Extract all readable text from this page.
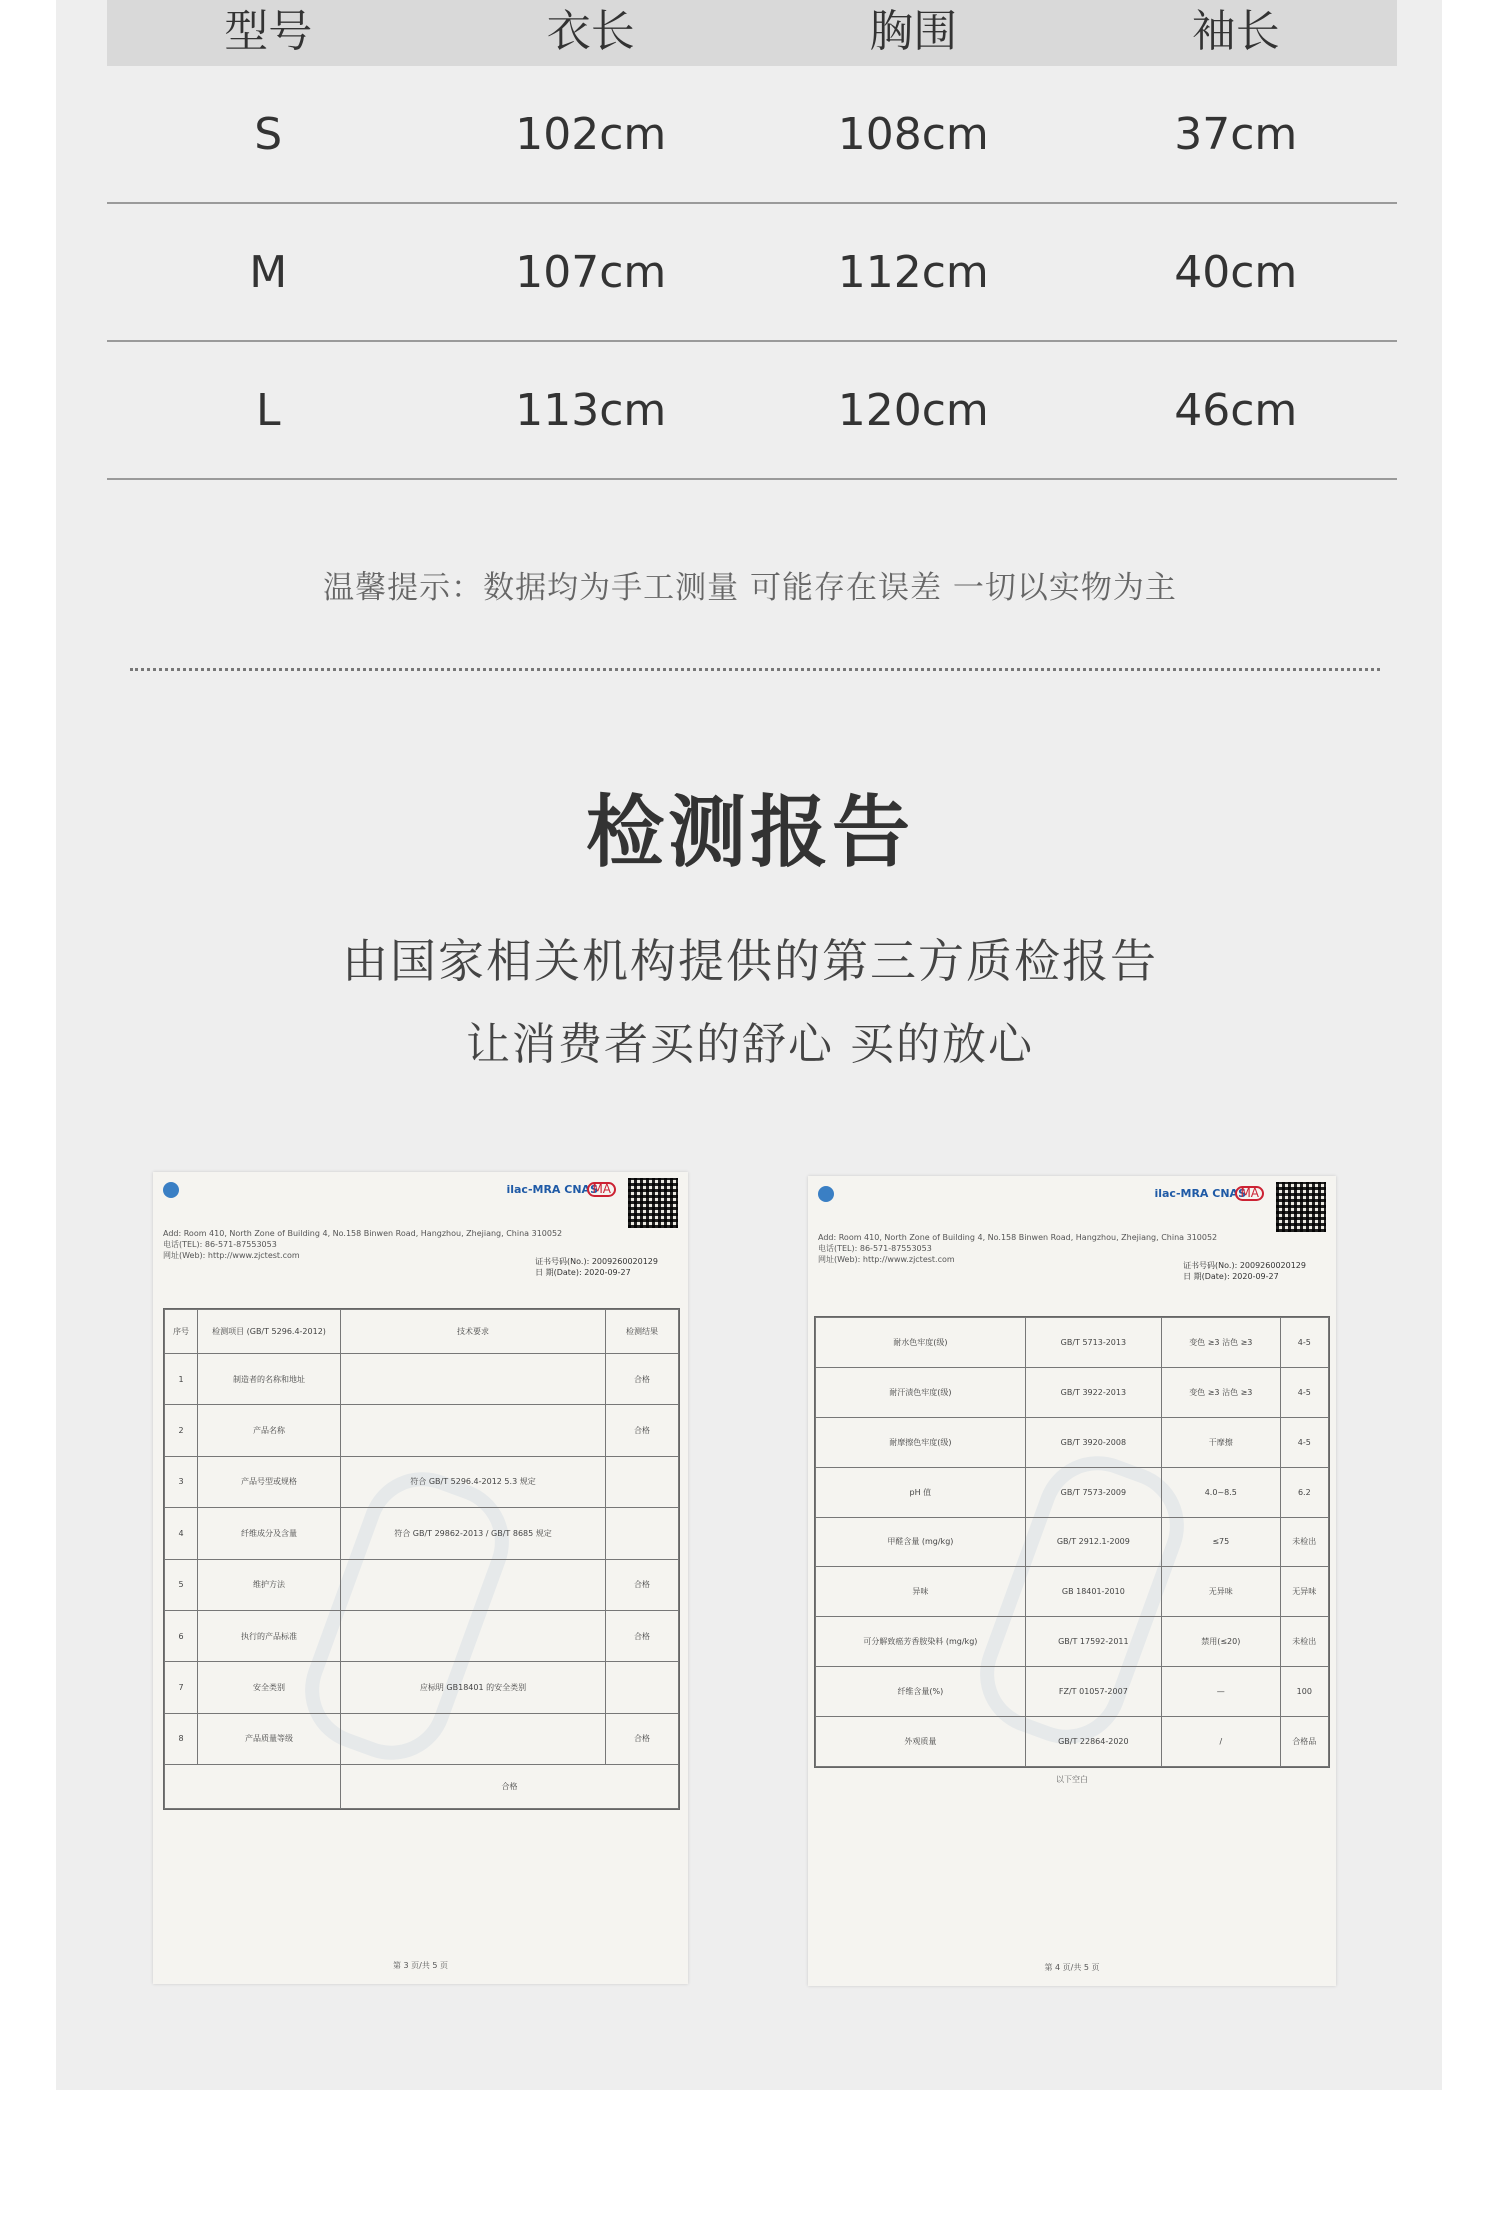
型号	衣长	胸围	袖长
S	102cm	108cm	37cm
M	107cm	112cm	40cm
L	113cm	120cm	46cm
温馨提示：数据均为手工测量 可能存在误差 一切以实物为主
检测报告
由国家相关机构提供的第三方质检报告
让消费者买的舒心 买的放心
ilac-MRA CNAS
MA
Add: Room 410, North Zone of Building 4, No.158 Binwen Road, Hangzhou, Zhejiang, China 310052
电话(TEL): 86-571-87553053
网址(Web): http://www.zjctest.com
证书号码(No.): 2009260020129
日 期(Date): 2020-09-27
序号	检测项目 (GB/T 5296.4-2012)	技术要求	检测结果
1	制造者的名称和地址		合格
2	产品名称		合格
3	产品号型或规格	符合 GB/T 5296.4-2012 5.3 规定	
4	纤维成分及含量	符合 GB/T 29862-2013 / GB/T 8685 规定	
5	维护方法		合格
6	执行的产品标准		合格
7	安全类别	应标明 GB18401 的安全类别	
8	产品质量等级		合格
		合格	
第 3 页/共 5 页
ilac-MRA CNAS
MA
Add: Room 410, North Zone of Building 4, No.158 Binwen Road, Hangzhou, Zhejiang, China 310052
电话(TEL): 86-571-87553053
网址(Web): http://www.zjctest.com
证书号码(No.): 2009260020129
日 期(Date): 2020-09-27
耐水色牢度(级)	GB/T 5713-2013	变色 ≥3 沾色 ≥3	4-5
耐汗渍色牢度(级)	GB/T 3922-2013	变色 ≥3 沾色 ≥3	4-5
耐摩擦色牢度(级)	GB/T 3920-2008	干摩擦	4-5
pH 值	GB/T 7573-2009	4.0~8.5	6.2
甲醛含量 (mg/kg)	GB/T 2912.1-2009	≤75	未检出
异味	GB 18401-2010	无异味	无异味
可分解致癌芳香胺染料 (mg/kg)	GB/T 17592-2011	禁用(≤20)	未检出
纤维含量(%)	FZ/T 01057-2007	—	100
外观质量	GB/T 22864-2020	/	合格品
以下空白
第 4 页/共 5 页
